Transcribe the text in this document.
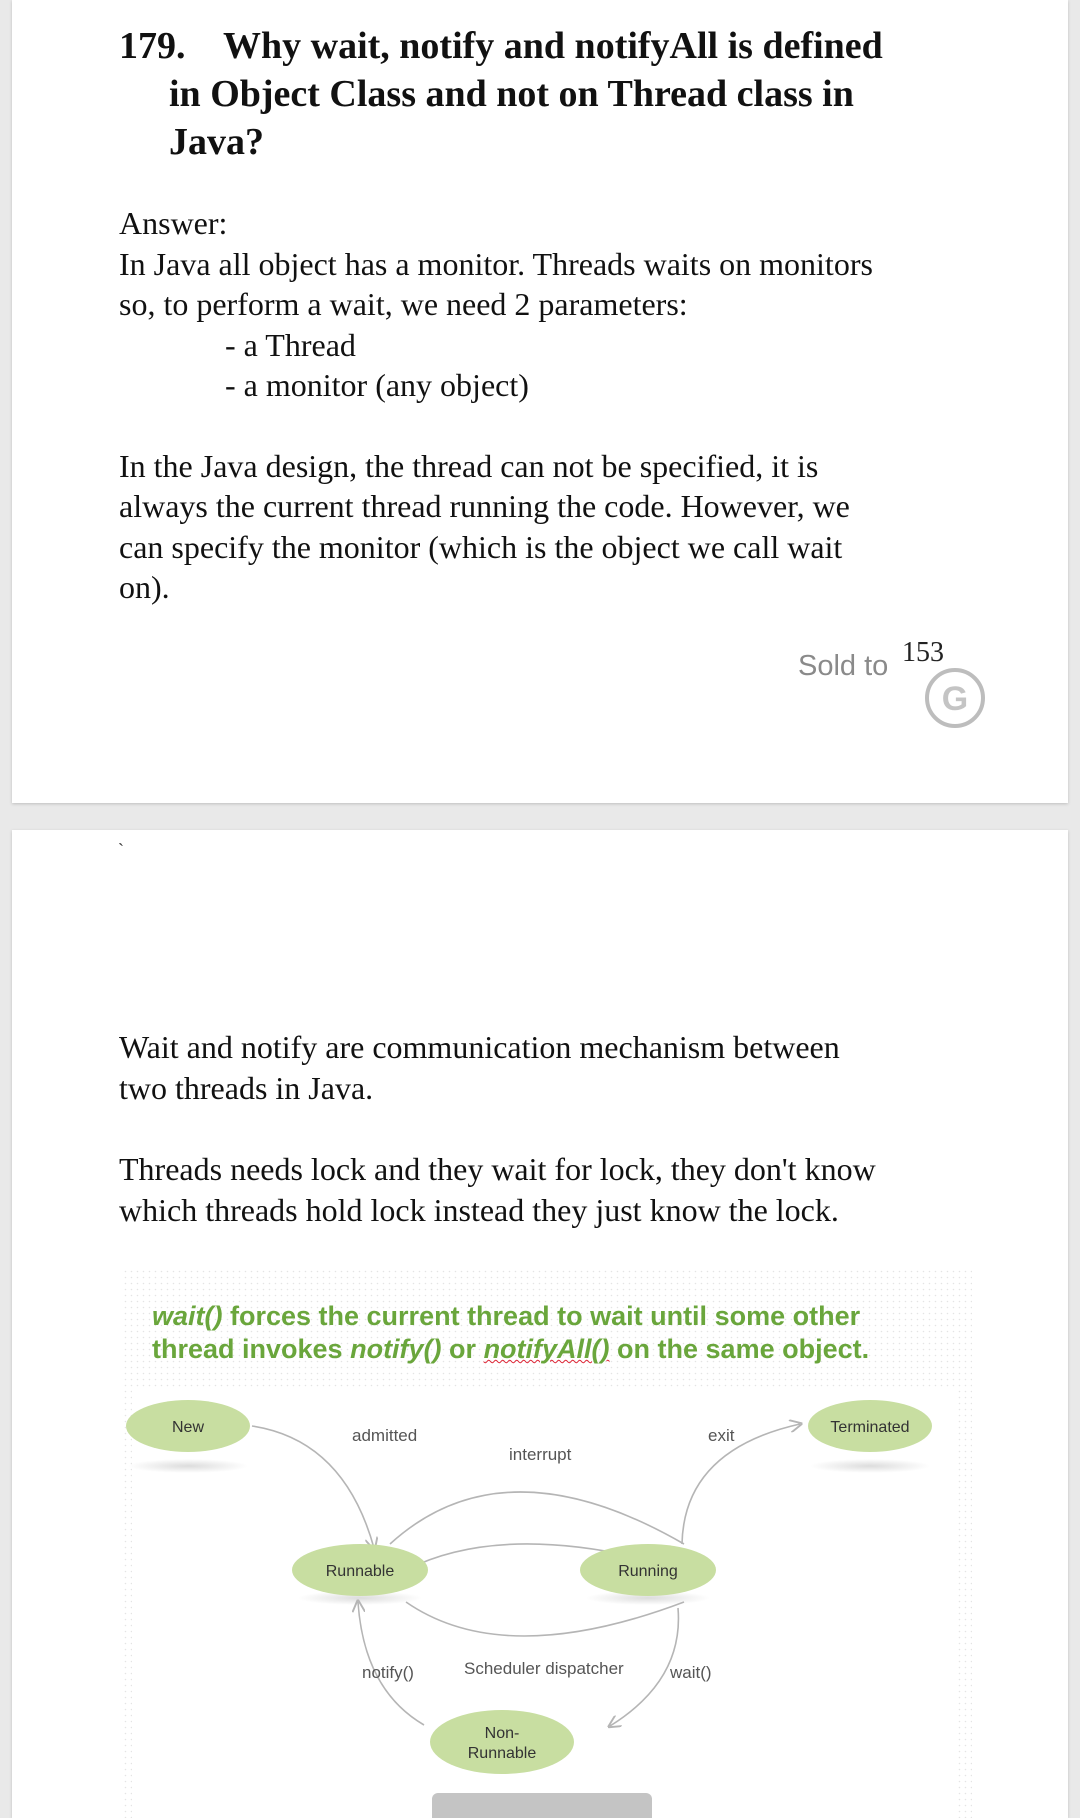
179. Why wait, notify and notifyAll is defined
in Object Class and not on Thread class in
Java?

Answer:

In Java all object has a monitor. Threads waits on monitors

so, to perform a wait, we need 2 parameters:

- a Thread

- a monitor (any object)

In the Java design, the thread can not be specified, it is

always the current thread running the code. However, we

can specify the monitor (which is the object we call wait

on).

Sold to 153
G
`

Wait and notify are communication mechanism between

two threads in Java.

Threads needs lock and they wait for lock, they don't know

which threads hold lock instead they just know the lock.

New	Terminated
Runnable	Running
Non-
Runnable
admitted
interrupt
exit
notify()	Scheduler dispatcher	wait()

wait() forces the current thread to wait until some other
thread invokes notify() or notifyAll() on the same object.
